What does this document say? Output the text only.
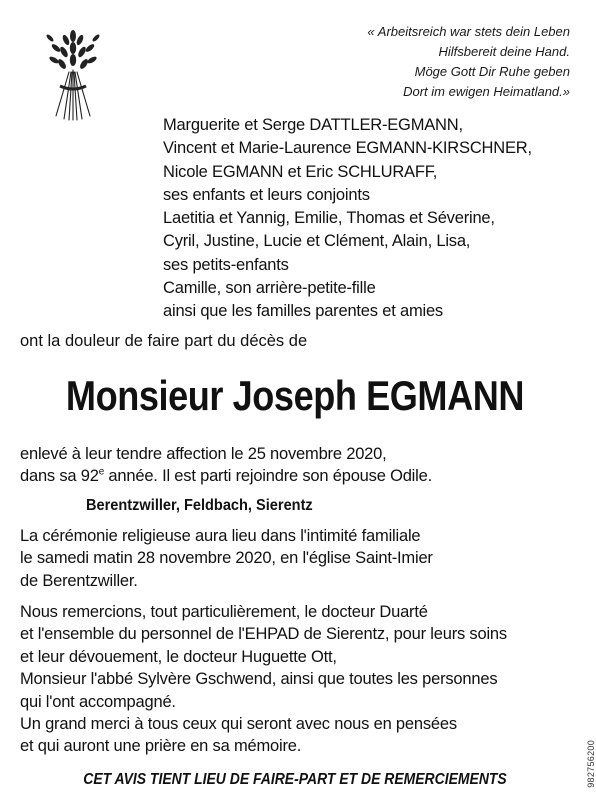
« Arbeitsreich war stets dein Leben
Hilfsbereit deine Hand.
Möge Gott Dir Ruhe geben
Dort im ewigen Heimatland.»
Marguerite et Serge DATTLER-EGMANN,
Vincent et Marie-Laurence EGMANN-KIRSCHNER,
Nicole EGMANN et Eric SCHLURAFF,
ses enfants et leurs conjoints
Laetitia et Yannig, Emilie, Thomas et Séverine,
Cyril, Justine, Lucie et Clément, Alain, Lisa,
ses petits-enfants
Camille, son arrière-petite-fille
ainsi que les familles parentes et amies
ont la douleur de faire part du décès de
Monsieur Joseph EGMANN
enlevé à leur tendre affection le 25 novembre 2020,
dans sa 92e année. Il est parti rejoindre son épouse Odile.
Berentzwiller, Feldbach, Sierentz
La cérémonie religieuse aura lieu dans l'intimité familiale
le samedi matin 28 novembre 2020, en l'église Saint-Imier
de Berentzwiller.
Nous remercions, tout particulièrement, le docteur Duarté
et l'ensemble du personnel de l'EHPAD de Sierentz, pour leurs soins
et leur dévouement, le docteur Huguette Ott,
Monsieur l'abbé Sylvère Gschwend, ainsi que toutes les personnes
qui l'ont accompagné.
Un grand merci à tous ceux qui seront avec nous en pensées
et qui auront une prière en sa mémoire.
CET AVIS TIENT LIEU DE FAIRE-PART ET DE REMERCIEMENTS	982756200
